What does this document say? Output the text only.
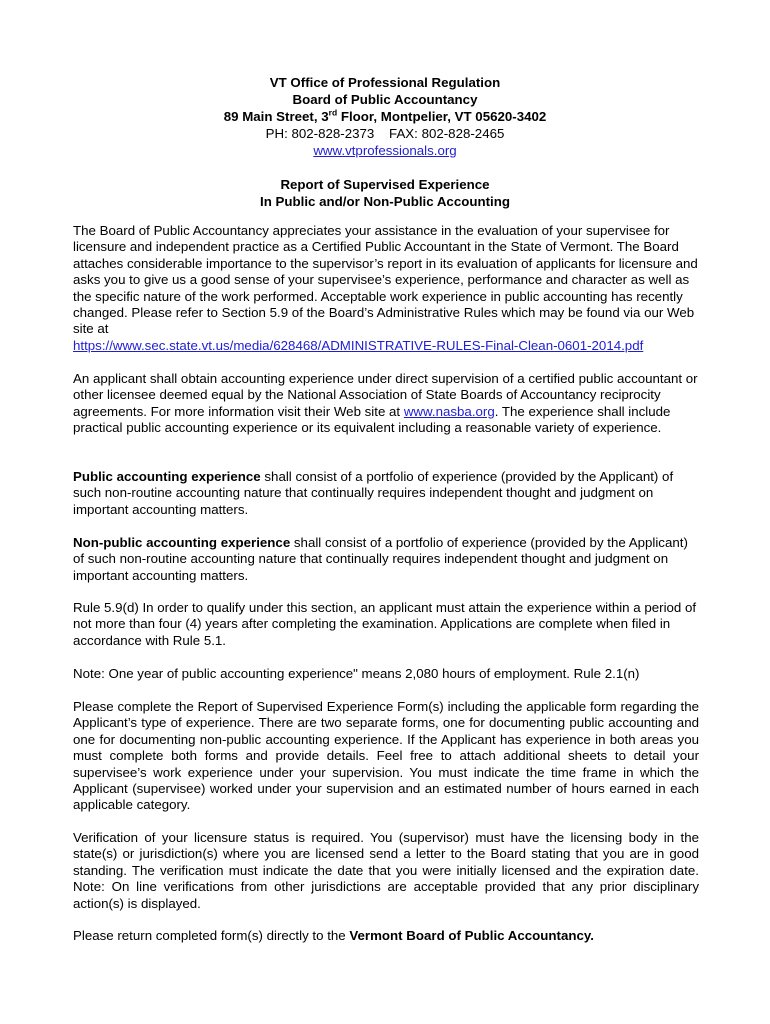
VT Office of Professional Regulation
Board of Public Accountancy
89 Main Street, 3rd Floor, Montpelier, VT 05620-3402
PH: 802-828-2373    FAX: 802-828-2465
www.vtprofessionals.org
Report of Supervised Experience
In Public and/or Non-Public Accounting

The Board of Public Accountancy appreciates your assistance in the evaluation of your supervisee for licensure and independent practice as a Certified Public Accountant in the State of Vermont. The Board attaches considerable importance to the supervisor’s report in its evaluation of applicants for licensure and asks you to give us a good sense of your supervisee’s experience, performance and character as well as the specific nature of the work performed. Acceptable work experience in public accounting has recently changed. Please refer to Section 5.9 of the Board’s Administrative Rules which may be found via our Web site at

https://www.sec.state.vt.us/media/628468/ADMINISTRATIVE-RULES-Final-Clean-0601-2014.pdf

An applicant shall obtain accounting experience under direct supervision of a certified public accountant or other licensee deemed equal by the National Association of State Boards of Accountancy reciprocity agreements. For more information visit their Web site at www.nasba.org. The experience shall include practical public accounting experience or its equivalent including a reasonable variety of experience.

Public accounting experience shall consist of a portfolio of experience (provided by the Applicant) of such non-routine accounting nature that continually requires independent thought and judgment on important accounting matters.

Non-public accounting experience shall consist of a portfolio of experience (provided by the Applicant) of such non-routine accounting nature that continually requires independent thought and judgment on important accounting matters.

Rule 5.9(d) In order to qualify under this section, an applicant must attain the experience within a period of not more than four (4) years after completing the examination. Applications are complete when filed in accordance with Rule 5.1.

Note: One year of public accounting experience" means 2,080 hours of employment. Rule 2.1(n)

Please complete the Report of Supervised Experience Form(s) including the applicable form regarding the Applicant’s type of experience. There are two separate forms, one for documenting public accounting and one for documenting non-public accounting experience. If the Applicant has experience in both areas you must complete both forms and provide details. Feel free to attach additional sheets to detail your supervisee’s work experience under your supervision. You must indicate the time frame in which the Applicant (supervisee) worked under your supervision and an estimated number of hours earned in each applicable category.

Verification of your licensure status is required. You (supervisor) must have the licensing body in the state(s) or jurisdiction(s) where you are licensed send a letter to the Board stating that you are in good standing. The verification must indicate the date that you were initially licensed and the expiration date. Note: On line verifications from other jurisdictions are acceptable provided that any prior disciplinary action(s) is displayed.

Please return completed form(s) directly to the Vermont Board of Public Accountancy.
